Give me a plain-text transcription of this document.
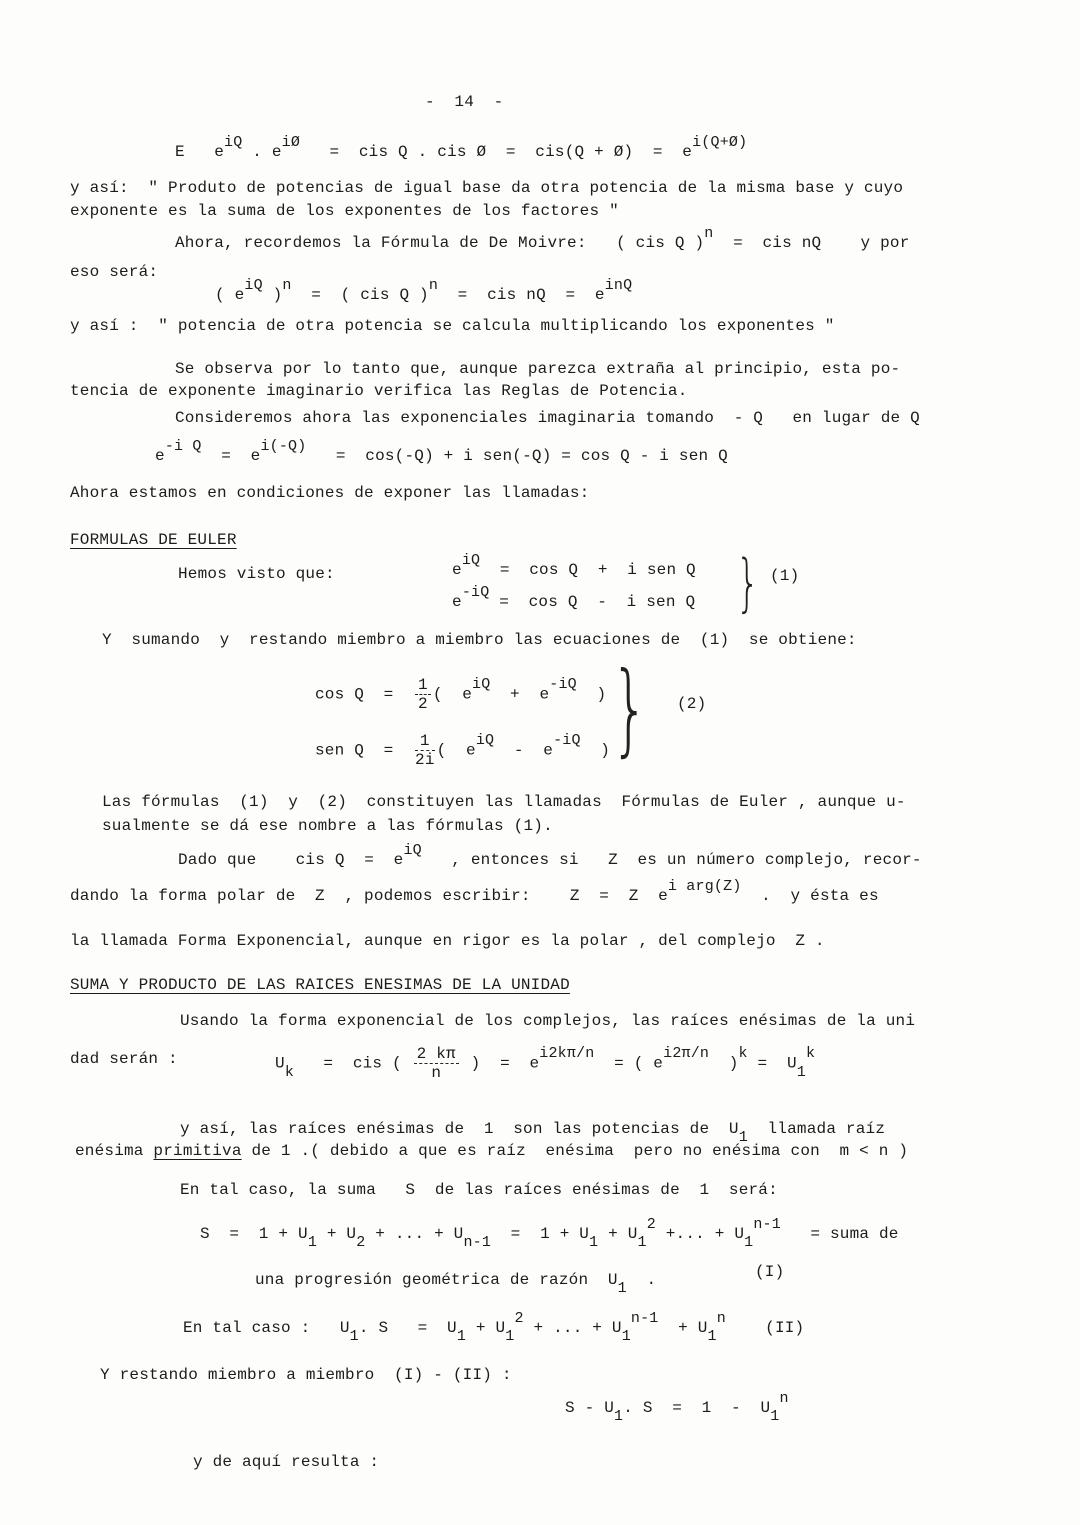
-  14  -
E   $e^{iQ}$ . $e^{iØ}$   =  cis Q . cis Ø  =  cis(Q + Ø)  =  $e^{i(Q+Ø)}$
y así:  " Produto de potencias de igual base da otra potencia de la misma base y cuyo
exponente es la suma de los exponentes de los factores "
Ahora, recordemos la Fórmula de De Moivre:   ( cis Q )$^n$  =  cis nQ    y por
eso será:
( $e^{iQ}$ )$^n$  =  ( cis Q )$^n$  =  cis nQ  =  $e^{inQ}$
y así :  " potencia de otra potencia se calcula multiplicando los exponentes "
Se observa por lo tanto que, aunque parezca extraña al principio, esta po-
tencia de exponente imaginario verifica las Reglas de Potencia.
Consideremos ahora las exponenciales imaginaria tomando  - Q   en lugar de Q
$e^{-i Q} = e^{i(-Q)} = \cos(-Q) + i$ sen(-Q) = cos Q - i sen Q
Ahora estamos en condiciones de exponer las llamadas:
FORMULAS DE EULER
Hemos visto que:	$e^{iQ} = \cos Q + i$ sen Q
$e^{-iQ} = \cos Q - i$ sen Q } (1)
Y  sumando  y  restando miembro a miembro las ecuaciones de  (1)  se obtiene:
$\cos Q = \frac{1}{2}$ (  $e^{iQ} + e^{-iQ}$  )
sen $Q = \frac{1}{2i}$ (  $e^{iQ} - e^{-iQ}$  ) } (2)
Las fórmulas  (1)  y  (2)  constituyen las llamadas  Fórmulas de Euler , aunque u-
sualmente se dá ese nombre a las fórmulas (1).
Dado que    cis $Q = e^{iQ}$   , entonces si   Z  es un número complejo, recor-
dando la forma polar de  Z  , podemos escribir:    Z  =  Z  $e^{i arg(Z)}$  .  y ésta es
la llamada Forma Exponencial, aunque en rigor es la polar , del complejo  Z .
SUMA Y PRODUCTO DE LAS RAICES ENESIMAS DE LA UNIDAD
Usando la forma exponencial de los complejos, las raíces enésimas de la uni
dad serán :	$U_k$   =  cis ( $\frac{2 k\pi}{n}$ )  =  $e^{i2k\pi/n}$  = ( $e^{i2\pi/n}$  )$^k = U_1^k$
y así, las raíces enésimas de  1  son las potencias de  $U_1$  llamada raíz
enésima primitiva de 1 .( debido a que es raíz  enésima  pero no enésima con  m < n )
En tal caso, la suma   S  de las raíces enésimas de  1  será:
$S = 1 + U_1 + U_2$ + ... + $U_{n-1} = 1 + U_1 + U_1^2$ +... + $U_1^{n-1}$   = suma de
una progresión geométrica de razón  $U_1$  .	(I)
En tal caso :   $U_1$. $S = U_1 + U_1^2$ + ... + $U_1^{n-1} + U_1^n$    (II)
Y restando miembro a miembro  (I) - (II) :
S - $U_1$. $S = 1 - U_1^n$
y de aquí resulta :
